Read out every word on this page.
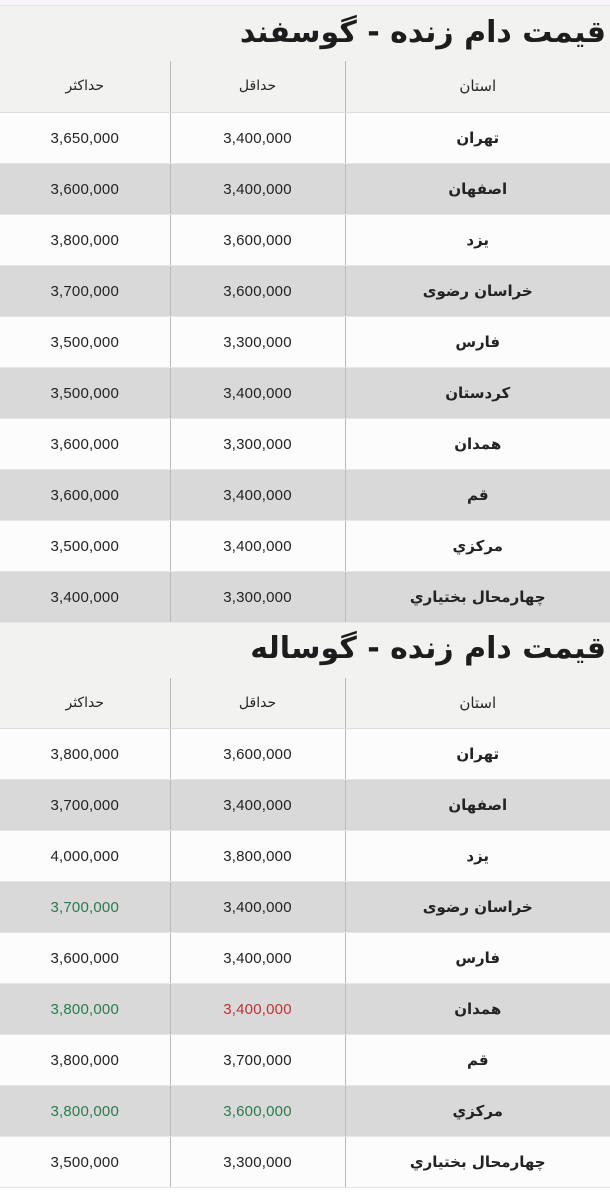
قیمت دام زنده - گوسفند
استان	حداقل	حداکثر
تهران	3,400,000	3,650,000
اصفهان	3,400,000	3,600,000
یزد	3,600,000	3,800,000
خراسان رضوی	3,600,000	3,700,000
فارس	3,300,000	3,500,000
کردستان	3,400,000	3,500,000
همدان	3,300,000	3,600,000
قم	3,400,000	3,600,000
مرکزي	3,400,000	3,500,000
چهارمحال بختياري	3,300,000	3,400,000
قیمت دام زنده - گوساله
استان	حداقل	حداکثر
تهران	3,600,000	3,800,000
اصفهان	3,400,000	3,700,000
یزد	3,800,000	4,000,000
خراسان رضوی	3,400,000	3,700,000
فارس	3,400,000	3,600,000
همدان	3,400,000	3,800,000
قم	3,700,000	3,800,000
مرکزي	3,600,000	3,800,000
چهارمحال بختياري	3,300,000	3,500,000
